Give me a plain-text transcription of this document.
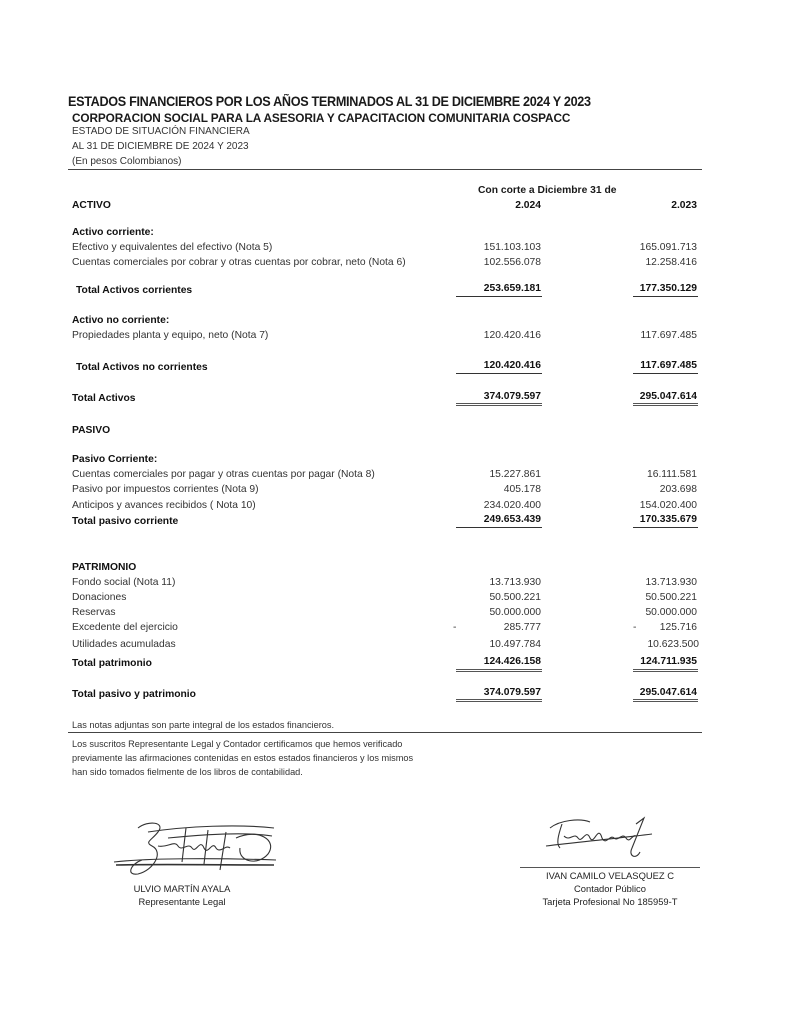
ESTADOS FINANCIEROS POR LOS AÑOS TERMINADOS AL 31 DE DICIEMBRE 2024 Y 2023
CORPORACION SOCIAL PARA LA ASESORIA Y CAPACITACION COMUNITARIA COSPACC
ESTADO DE SITUACIÓN FINANCIERA
AL 31 DE DICIEMBRE DE 2024 Y 2023
(En pesos Colombianos)
Con corte a Diciembre 31 de
ACTIVO	2.024	2.023
Activo corriente:
Efectivo y equivalentes del efectivo (Nota 5)	151.103.103	165.091.713
Cuentas comerciales por cobrar y otras cuentas por cobrar, neto (Nota 6)	102.556.078	12.258.416
Total Activos corrientes	253.659.181	177.350.129
Activo no corriente:
Propiedades planta y equipo, neto (Nota 7)	120.420.416	117.697.485
Total Activos no corrientes	120.420.416	117.697.485
Total Activos	374.079.597	295.047.614
PASIVO
Pasivo Corriente:
Cuentas comerciales por pagar y otras cuentas por pagar (Nota 8)	15.227.861	16.111.581
Pasivo por impuestos corrientes (Nota 9)	405.178	203.698
Anticipos y avances recibidos ( Nota 10)	234.020.400	154.020.400
Total pasivo corriente	249.653.439	170.335.679
PATRIMONIO
Fondo social (Nota 11)	13.713.930	13.713.930
Donaciones	50.500.221	50.500.221
Reservas	50.000.000	50.000.000
Excedente del ejercicio	-	285.777	-	125.716
Utilidades acumuladas	10.497.784	10.623.500
Total patrimonio	124.426.158	124.711.935
Total pasivo y patrimonio	374.079.597	295.047.614
Las notas adjuntas son parte integral de los estados financieros.
Los suscritos Representante Legal y Contador certificamos que hemos verificado
previamente las afirmaciones contenidas en estos estados financieros y los mismos
han sido tomados fielmente de los libros de contabilidad.
ULVIO MARTÍN AYALA
Representante Legal
IVAN CAMILO VELASQUEZ C
Contador Público
Tarjeta Profesional No 185959-T
